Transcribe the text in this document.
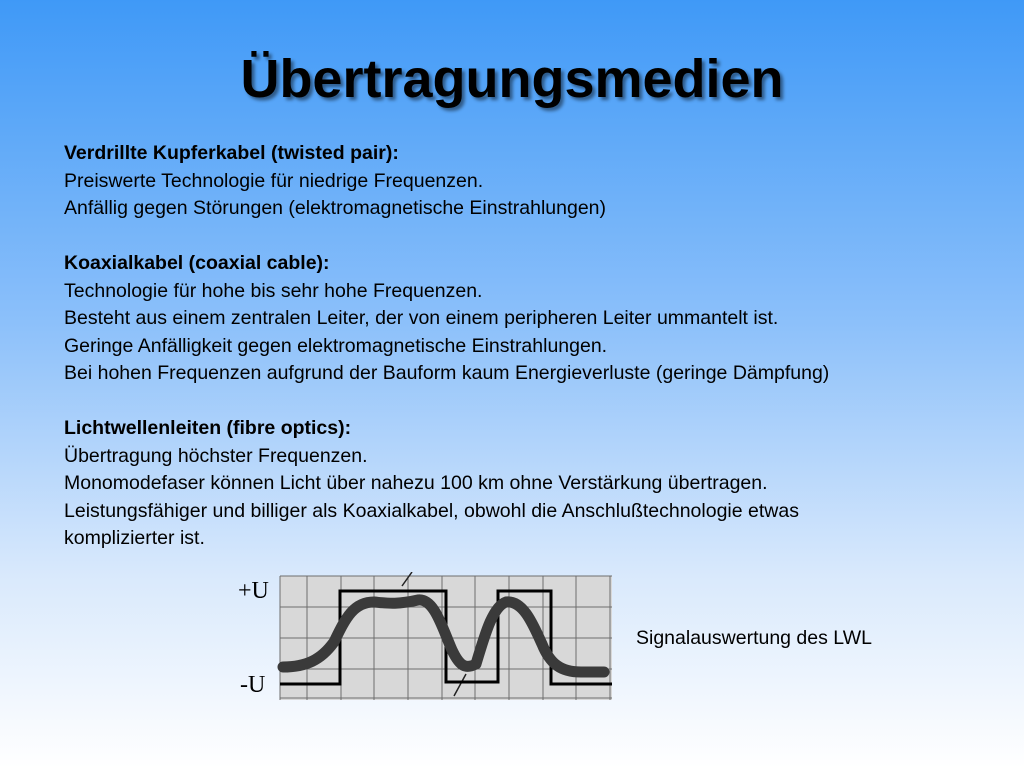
Übertragungsmedien
Verdrillte Kupferkabel (twisted pair):
Preiswerte Technologie für niedrige Frequenzen.
Anfällig gegen Störungen (elektromagnetische Einstrahlungen)
Koaxialkabel (coaxial cable):
Technologie für hohe bis sehr hohe Frequenzen.
Besteht aus einem zentralen Leiter, der von einem peripheren Leiter ummantelt ist.
Geringe Anfälligkeit gegen elektromagnetische Einstrahlungen.
Bei hohen Frequenzen aufgrund der Bauform kaum Energieverluste (geringe Dämpfung)
Lichtwellenleiten (fibre optics):
Übertragung höchster Frequenzen.
Monomodefaser können Licht über nahezu 100 km ohne Verstärkung übertragen.
Leistungsfähiger und billiger als Koaxialkabel, obwohl die Anschlußtechnologie etwas
komplizierter ist.
+U
-U
Signalauswertung des LWL
